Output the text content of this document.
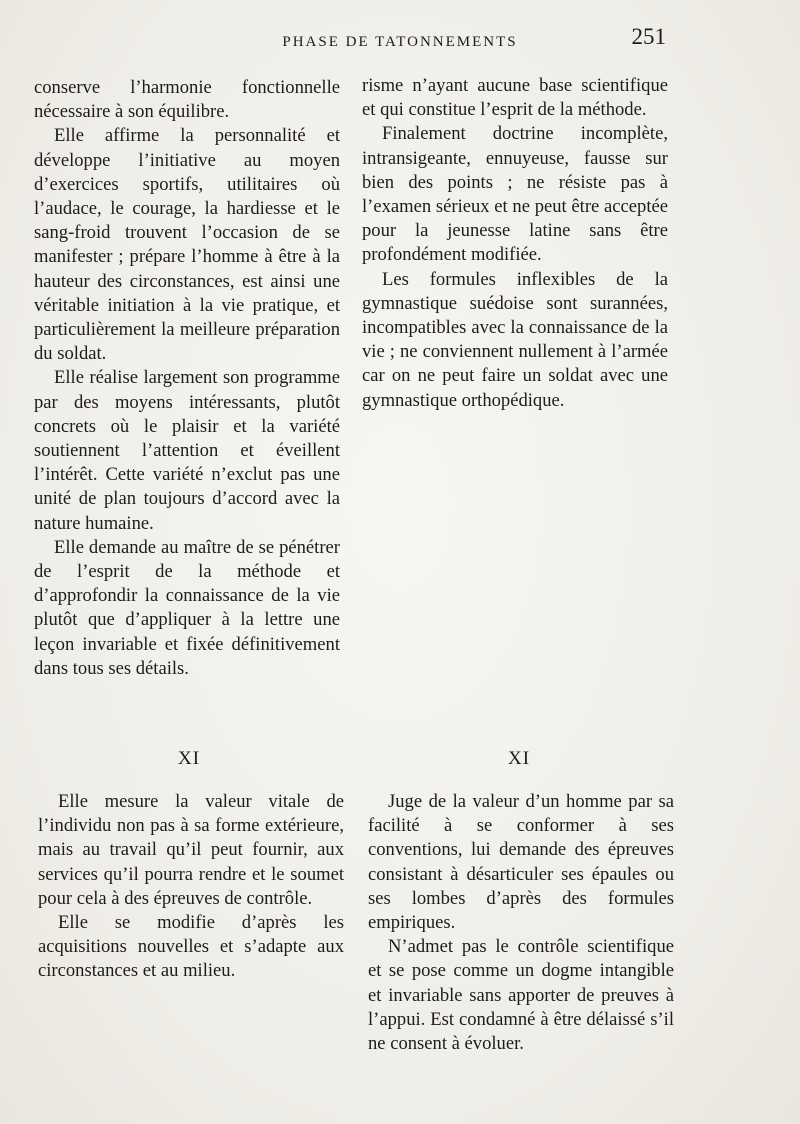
PHASE DE TATONNEMENTS	251

conserve l’harmonie fonctionnelle nécessaire à son équilibre.

Elle affirme la personnalité et développe l’initiative au moyen d’exercices sportifs, utilitaires où l’audace, le courage, la hardiesse et le sang-froid trouvent l’occasion de se manifester ; prépare l’homme à être à la hauteur des circonstances, est ainsi une véritable initiation à la vie pratique, et particulièrement la meilleure préparation du soldat.

Elle réalise largement son programme par des moyens intéressants, plutôt concrets où le plaisir et la variété soutiennent l’attention et éveillent l’intérêt. Cette variété n’exclut pas une unité de plan toujours d’accord avec la nature humaine.

Elle demande au maître de se pénétrer de l’esprit de la méthode et d’approfondir la connaissance de la vie plutôt que d’appliquer à la lettre une leçon invariable et fixée définitivement dans tous ses détails.

risme n’ayant aucune base scientifique et qui constitue l’esprit de la méthode.

Finalement doctrine incomplète, intransigeante, ennuyeuse, fausse sur bien des points ; ne résiste pas à l’examen sérieux et ne peut être acceptée pour la jeunesse latine sans être profondément modifiée.

Les formules inflexibles de la gymnastique suédoise sont surannées, incompatibles avec la connaissance de la vie ; ne conviennent nullement à l’armée car on ne peut faire un soldat avec une gymnastique orthopédique.

XI	XI

Elle mesure la valeur vitale de l’individu non pas à sa forme extérieure, mais au travail qu’il peut fournir, aux services qu’il pourra rendre et le soumet pour cela à des épreuves de contrôle.

Elle se modifie d’après les acquisitions nouvelles et s’adapte aux circonstances et au milieu.

Juge de la valeur d’un homme par sa facilité à se conformer à ses conventions, lui demande des épreuves consistant à désarticuler ses épaules ou ses lombes d’après des formules empiriques.

N’admet pas le contrôle scientifique et se pose comme un dogme intangible et invariable sans apporter de preuves à l’appui. Est condamné à être délaissé s’il ne consent à évoluer.
